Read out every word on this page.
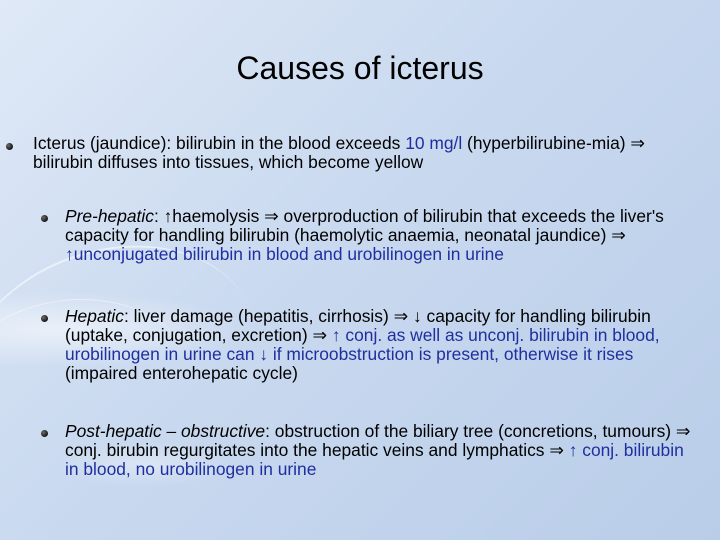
Causes of icterus
Icterus (jaundice): bilirubin in the blood exceeds 10 mg/l (hyperbilirubine-mia) ⇒ bilirubin diffuses into tissues, which become yellow
Pre-hepatic: ↑haemolysis ⇒ overproduction of bilirubin that exceeds the liver's capacity for handling bilirubin (haemolytic anaemia, neonatal jaundice) ⇒ ↑unconjugated bilirubin in blood and urobilinogen in urine
Hepatic: liver damage (hepatitis, cirrhosis) ⇒ ↓ capacity for handling bilirubin (uptake, conjugation, excretion) ⇒ ↑ conj. as well as unconj. bilirubin in blood, urobilinogen in urine can ↓ if microobstruction is present, otherwise it rises (impaired enterohepatic cycle)
Post-hepatic – obstructive: obstruction of the biliary tree (concretions, tumours) ⇒ conj. birubin regurgitates into the hepatic veins and lymphatics ⇒ ↑ conj. bilirubin in blood, no urobilinogen in urine
